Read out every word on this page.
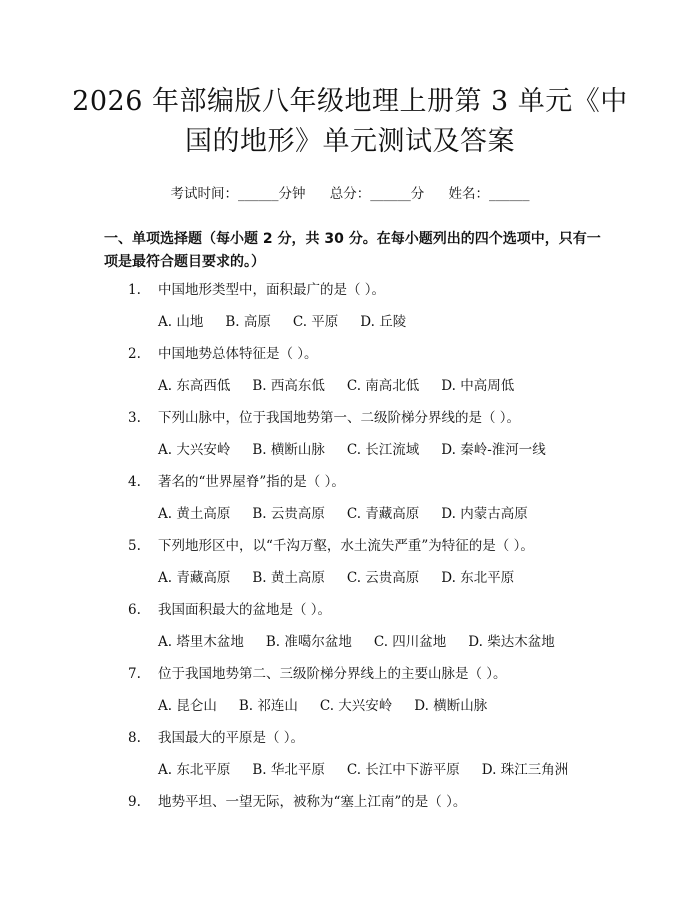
2026 年部编版八年级地理上册第 3 单元《中
国的地形》单元测试及答案
考试时间：______分钟 总分：______分 姓名：______

一、单项选择题（每小题 2 分，共 30 分。在每小题列出的四个选项中，只有一项是最符合题目要求的。）

1. 中国地形类型中，面积最广的是（ ）。
A. 山地 B. 高原 C. 平原 D. 丘陵
2. 中国地势总体特征是（ ）。
A. 东高西低 B. 西高东低 C. 南高北低 D. 中高周低
3. 下列山脉中，位于我国地势第一、二级阶梯分界线的是（ ）。
A. 大兴安岭 B. 横断山脉 C. 长江流域 D. 秦岭-淮河一线
4. 著名的“世界屋脊”指的是（ ）。
A. 黄土高原 B. 云贵高原 C. 青藏高原 D. 内蒙古高原
5. 下列地形区中，以“千沟万壑，水土流失严重”为特征的是（ ）。
A. 青藏高原 B. 黄土高原 C. 云贵高原 D. 东北平原
6. 我国面积最大的盆地是（ ）。
A. 塔里木盆地 B. 准噶尔盆地 C. 四川盆地 D. 柴达木盆地
7. 位于我国地势第二、三级阶梯分界线上的主要山脉是（ ）。
A. 昆仑山 B. 祁连山 C. 大兴安岭 D. 横断山脉
8. 我国最大的平原是（ ）。
A. 东北平原 B. 华北平原 C. 长江中下游平原 D. 珠江三角洲
9. 地势平坦、一望无际，被称为“塞上江南”的是（ ）。
